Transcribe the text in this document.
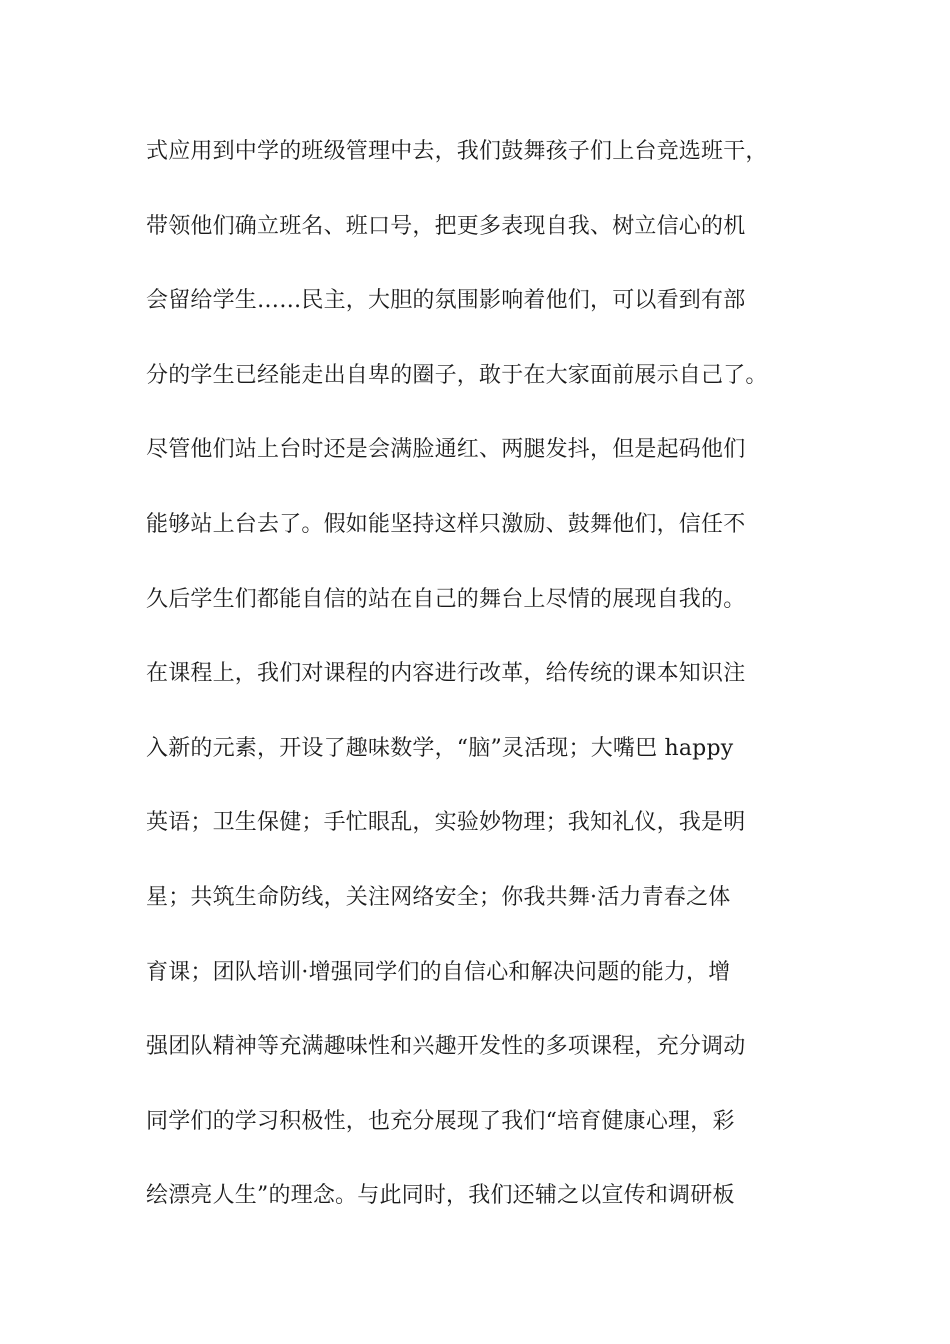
式应用到中学的班级管理中去，我们鼓舞孩子们上台竞选班干，
带领他们确立班名、班口号，把更多表现自我、树立信心的机
会留给学生……民主，大胆的氛围影响着他们，可以看到有部
分的学生已经能走出自卑的圈子，敢于在大家面前展示自己了。
尽管他们站上台时还是会满脸通红、两腿发抖，但是起码他们
能够站上台去了。假如能坚持这样只激励、鼓舞他们，信任不
久后学生们都能自信的站在自己的舞台上尽情的展现自我的。
在课程上，我们对课程的内容进行改革，给传统的课本知识注
入新的元素，开设了趣味数学，“脑”灵活现；大嘴巴 happy
英语；卫生保健；手忙眼乱，实验妙物理；我知礼仪，我是明
星；共筑生命防线，关注网络安全；你我共舞·活力青春之体
育课；团队培训·增强同学们的自信心和解决问题的能力，增
强团队精神等充满趣味性和兴趣开发性的多项课程，充分调动
同学们的学习积极性，也充分展现了我们“培育健康心理，彩
绘漂亮人生”的理念。与此同时，我们还辅之以宣传和调研板
